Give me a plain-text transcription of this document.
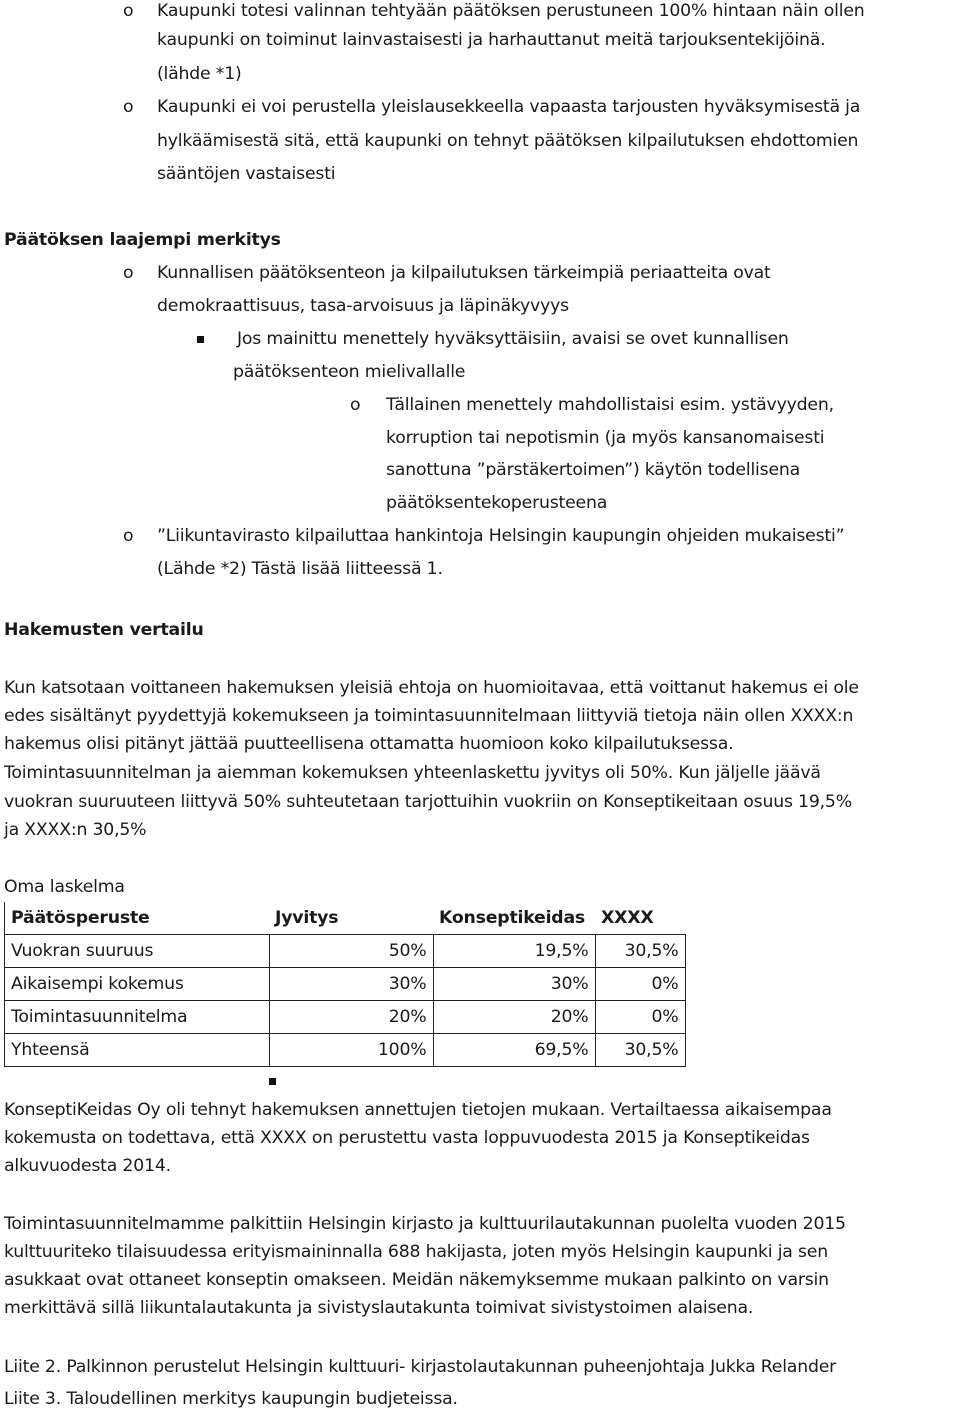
o Kaupunki totesi valinnan tehtyään päätöksen perustuneen 100% hintaan näin ollen
kaupunki on toiminut lainvastaisesti ja harhauttanut meitä tarjouksentekijöinä.
(lähde *1)
o Kaupunki ei voi perustella yleislausekkeella vapaasta tarjousten hyväksymisestä ja
hylkäämisestä sitä, että kaupunki on tehnyt päätöksen kilpailutuksen ehdottomien
sääntöjen vastaisesti
Päätöksen laajempi merkitys
o Kunnallisen päätöksenteon ja kilpailutuksen tärkeimpiä periaatteita ovat
demokraattisuus, tasa-arvoisuus ja läpinäkyvyys
Jos mainittu menettely hyväksyttäisiin, avaisi se ovet kunnallisen
päätöksenteon mielivallalle
o Tällainen menettely mahdollistaisi esim. ystävyyden,
korruption tai nepotismin (ja myös kansanomaisesti
sanottuna ”pärstäkertoimen”) käytön todellisena
päätöksentekoperusteena
o ”Liikuntavirasto kilpailuttaa hankintoja Helsingin kaupungin ohjeiden mukaisesti”
(Lähde *2) Tästä lisää liitteessä 1.
Hakemusten vertailu
Kun katsotaan voittaneen hakemuksen yleisiä ehtoja on huomioitavaa, että voittanut hakemus ei ole
edes sisältänyt pyydettyjä kokemukseen ja toimintasuunnitelmaan liittyviä tietoja näin ollen XXXX:n
hakemus olisi pitänyt jättää puutteellisena ottamatta huomioon koko kilpailutuksessa.
Toimintasuunnitelman ja aiemman kokemuksen yhteenlaskettu jyvitys oli 50%. Kun jäljelle jäävä
vuokran suuruuteen liittyvä 50% suhteutetaan tarjottuihin vuokriin on Konseptikeitaan osuus 19,5%
ja XXXX:n 30,5%
Oma laskelma
Päätösperuste	Jyvitys	Konseptikeidas	XXXX
Vuokran suuruus	50%	19,5%	30,5%
Aikaisempi kokemus	30%	30%	0%
Toimintasuunnitelma	20%	20%	0%
Yhteensä	100%	69,5%	30,5%
KonseptiKeidas Oy oli tehnyt hakemuksen annettujen tietojen mukaan. Vertailtaessa aikaisempaa
kokemusta on todettava, että XXXX on perustettu vasta loppuvuodesta 2015 ja Konseptikeidas
alkuvuodesta 2014.
Toimintasuunnitelmamme palkittiin Helsingin kirjasto ja kulttuurilautakunnan puolelta vuoden 2015
kulttuuriteko tilaisuudessa erityismaininnalla 688 hakijasta, joten myös Helsingin kaupunki ja sen
asukkaat ovat ottaneet konseptin omakseen. Meidän näkemyksemme mukaan palkinto on varsin
merkittävä sillä liikuntalautakunta ja sivistyslautakunta toimivat sivistystoimen alaisena.
Liite 2. Palkinnon perustelut Helsingin kulttuuri- kirjastolautakunnan puheenjohtaja Jukka Relander
Liite 3. Taloudellinen merkitys kaupungin budjeteissa.
